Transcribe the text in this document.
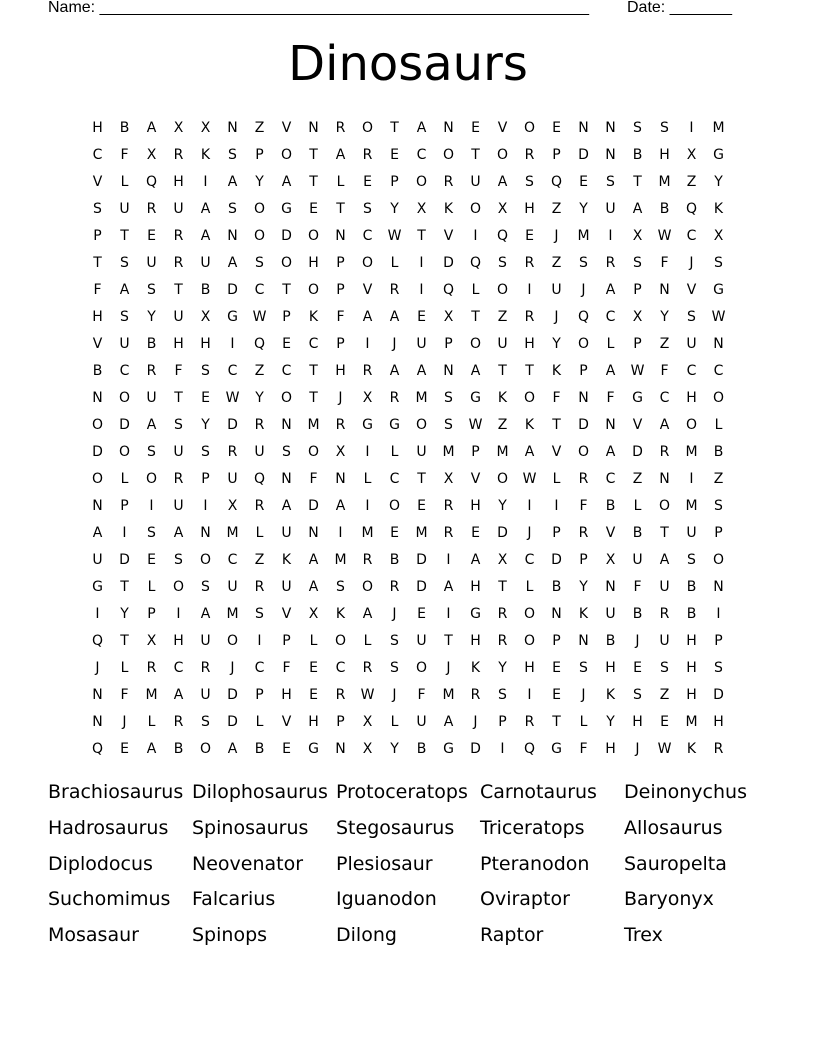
Name: _______________________________________________________ Date: _______
Dinosaurs
H	B	A	X	X	N	Z	V	N	R	O	T	A	N	E	V	O	E	N	N	S	S	I	M
C	F	X	R	K	S	P	O	T	A	R	E	C	O	T	O	R	P	D	N	B	H	X	G
V	L	Q	H	I	A	Y	A	T	L	E	P	O	R	U	A	S	Q	E	S	T	M	Z	Y
S	U	R	U	A	S	O	G	E	T	S	Y	X	K	O	X	H	Z	Y	U	A	B	Q	K
P	T	E	R	A	N	O	D	O	N	C	W	T	V	I	Q	E	J	M	I	X	W	C	X
T	S	U	R	U	A	S	O	H	P	O	L	I	D	Q	S	R	Z	S	R	S	F	J	S
F	A	S	T	B	D	C	T	O	P	V	R	I	Q	L	O	I	U	J	A	P	N	V	G
H	S	Y	U	X	G	W	P	K	F	A	A	E	X	T	Z	R	J	Q	C	X	Y	S	W
V	U	B	H	H	I	Q	E	C	P	I	J	U	P	O	U	H	Y	O	L	P	Z	U	N
B	C	R	F	S	C	Z	C	T	H	R	A	A	N	A	T	T	K	P	A	W	F	C	C
N	O	U	T	E	W	Y	O	T	J	X	R	M	S	G	K	O	F	N	F	G	C	H	O
O	D	A	S	Y	D	R	N	M	R	G	G	O	S	W	Z	K	T	D	N	V	A	O	L
D	O	S	U	S	R	U	S	O	X	I	L	U	M	P	M	A	V	O	A	D	R	M	B
O	L	O	R	P	U	Q	N	F	N	L	C	T	X	V	O	W	L	R	C	Z	N	I	Z
N	P	I	U	I	X	R	A	D	A	I	O	E	R	H	Y	I	I	F	B	L	O	M	S
A	I	S	A	N	M	L	U	N	I	M	E	M	R	E	D	J	P	R	V	B	T	U	P
U	D	E	S	O	C	Z	K	A	M	R	B	D	I	A	X	C	D	P	X	U	A	S	O
G	T	L	O	S	U	R	U	A	S	O	R	D	A	H	T	L	B	Y	N	F	U	B	N
I	Y	P	I	A	M	S	V	X	K	A	J	E	I	G	R	O	N	K	U	B	R	B	I
Q	T	X	H	U	O	I	P	L	O	L	S	U	T	H	R	O	P	N	B	J	U	H	P
J	L	R	C	R	J	C	F	E	C	R	S	O	J	K	Y	H	E	S	H	E	S	H	S
N	F	M	A	U	D	P	H	E	R	W	J	F	M	R	S	I	E	J	K	S	Z	H	D
N	J	L	R	S	D	L	V	H	P	X	L	U	A	J	P	R	T	L	Y	H	E	M	H
Q	E	A	B	O	A	B	E	G	N	X	Y	B	G	D	I	Q	G	F	H	J	W	K	R
Brachiosaurus Dilophosaurus Protoceratops Carnotaurus	Deinonychus
Hadrosaurus	Spinosaurus	Stegosaurus	Triceratops	Allosaurus
Diplodocus	Neovenator	Plesiosaur	Pteranodon	Sauropelta
Suchomimus	Falcarius	Iguanodon	Oviraptor	Baryonyx
Mosasaur	Spinops	Dilong	Raptor	Trex
